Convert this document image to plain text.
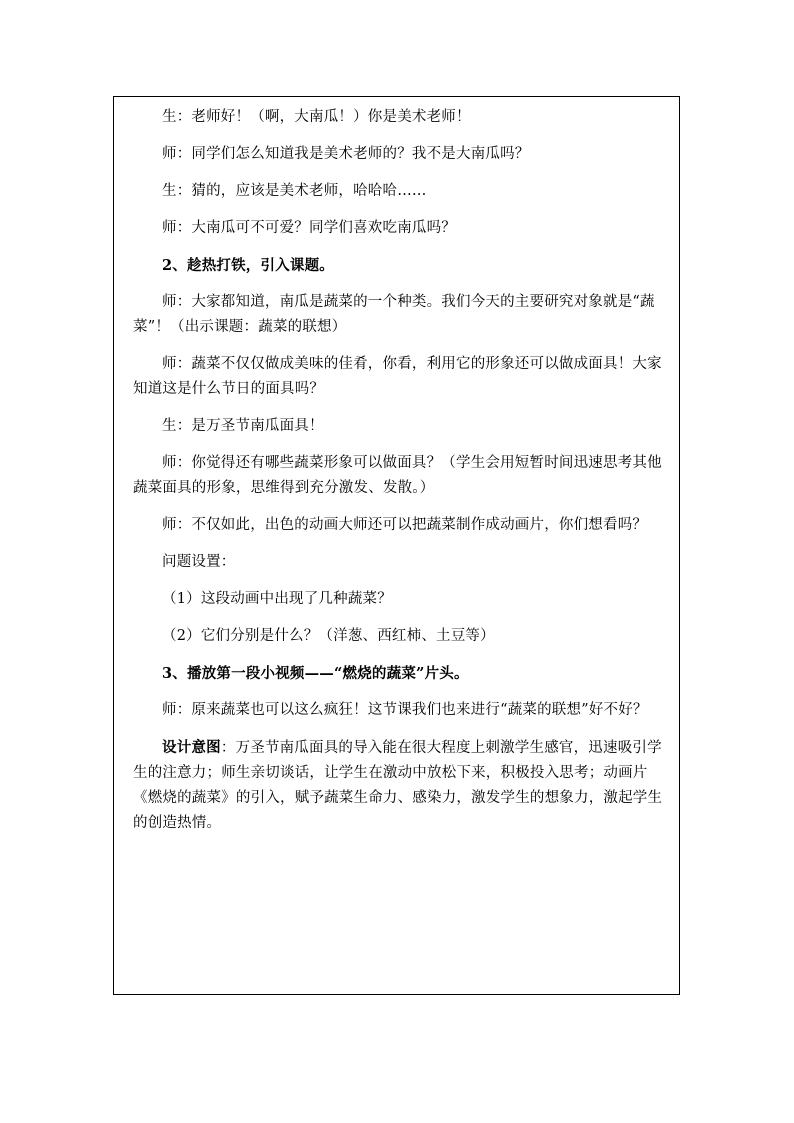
生：老师好！（啊，大南瓜！）你是美术老师！

师：同学们怎么知道我是美术老师的？我不是大南瓜吗？

生：猜的，应该是美术老师，哈哈哈……

师：大南瓜可不可爱？同学们喜欢吃南瓜吗？

2、趁热打铁，引入课题。

师：大家都知道，南瓜是蔬菜的一个种类。我们今天的主要研究对象就是“蔬菜”！（出示课题：蔬菜的联想）

师：蔬菜不仅仅做成美味的佳肴，你看，利用它的形象还可以做成面具！大家知道这是什么节日的面具吗？

生：是万圣节南瓜面具！

师：你觉得还有哪些蔬菜形象可以做面具？（学生会用短暂时间迅速思考其他蔬菜面具的形象，思维得到充分激发、发散。）

师：不仅如此，出色的动画大师还可以把蔬菜制作成动画片，你们想看吗？

问题设置：

（1）这段动画中出现了几种蔬菜？

（2）它们分别是什么？（洋葱、西红柿、土豆等）

3、播放第一段小视频——“燃烧的蔬菜”片头。

师：原来蔬菜也可以这么疯狂！这节课我们也来进行“蔬菜的联想”好不好？

设计意图：万圣节南瓜面具的导入能在很大程度上刺激学生感官，迅速吸引学生的注意力；师生亲切谈话，让学生在激动中放松下来，积极投入思考；动画片《燃烧的蔬菜》的引入，赋予蔬菜生命力、感染力，激发学生的想象力，激起学生的创造热情。
